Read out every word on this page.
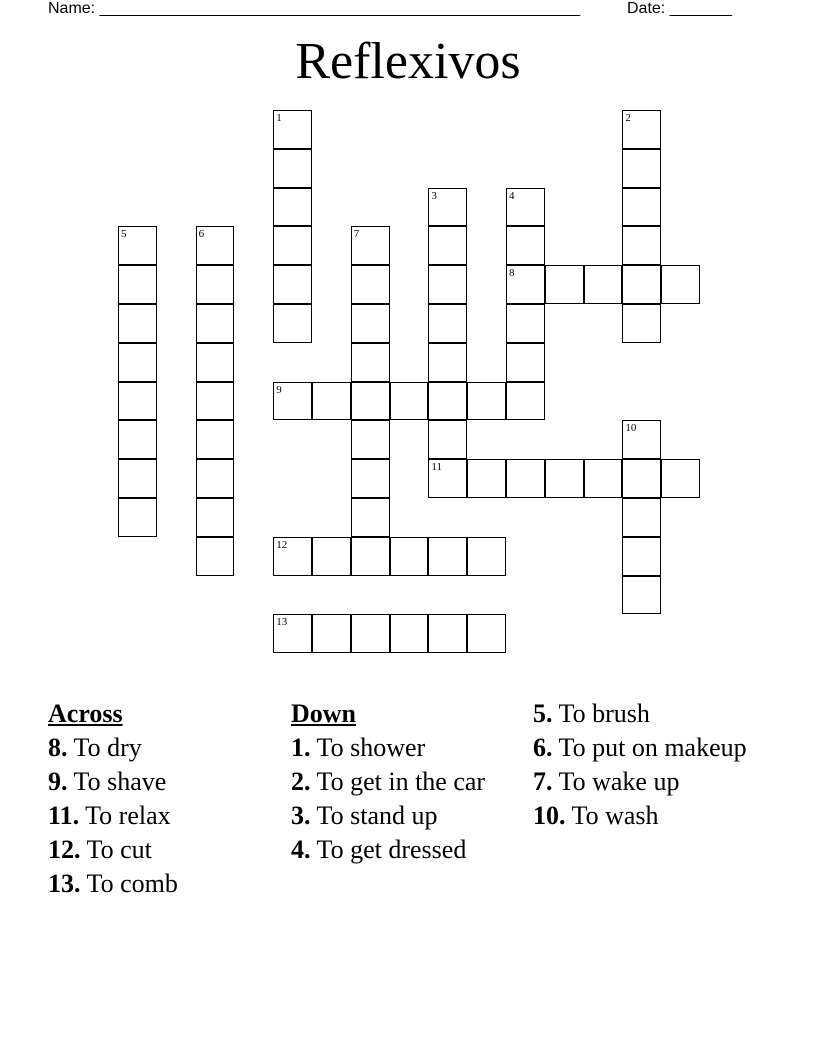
Name: ______________________________________________________	Date: _______
Reflexivos
1	2
3	4
8
5	6	7
9
10
11
12
13
Across
8. To dry
9. To shave
11. To relax
12. To cut
13. To comb
Down
1. To shower
2. To get in the car
3. To stand up
4. To get dressed
5. To brush
6. To put on makeup
7. To wake up
10. To wash
